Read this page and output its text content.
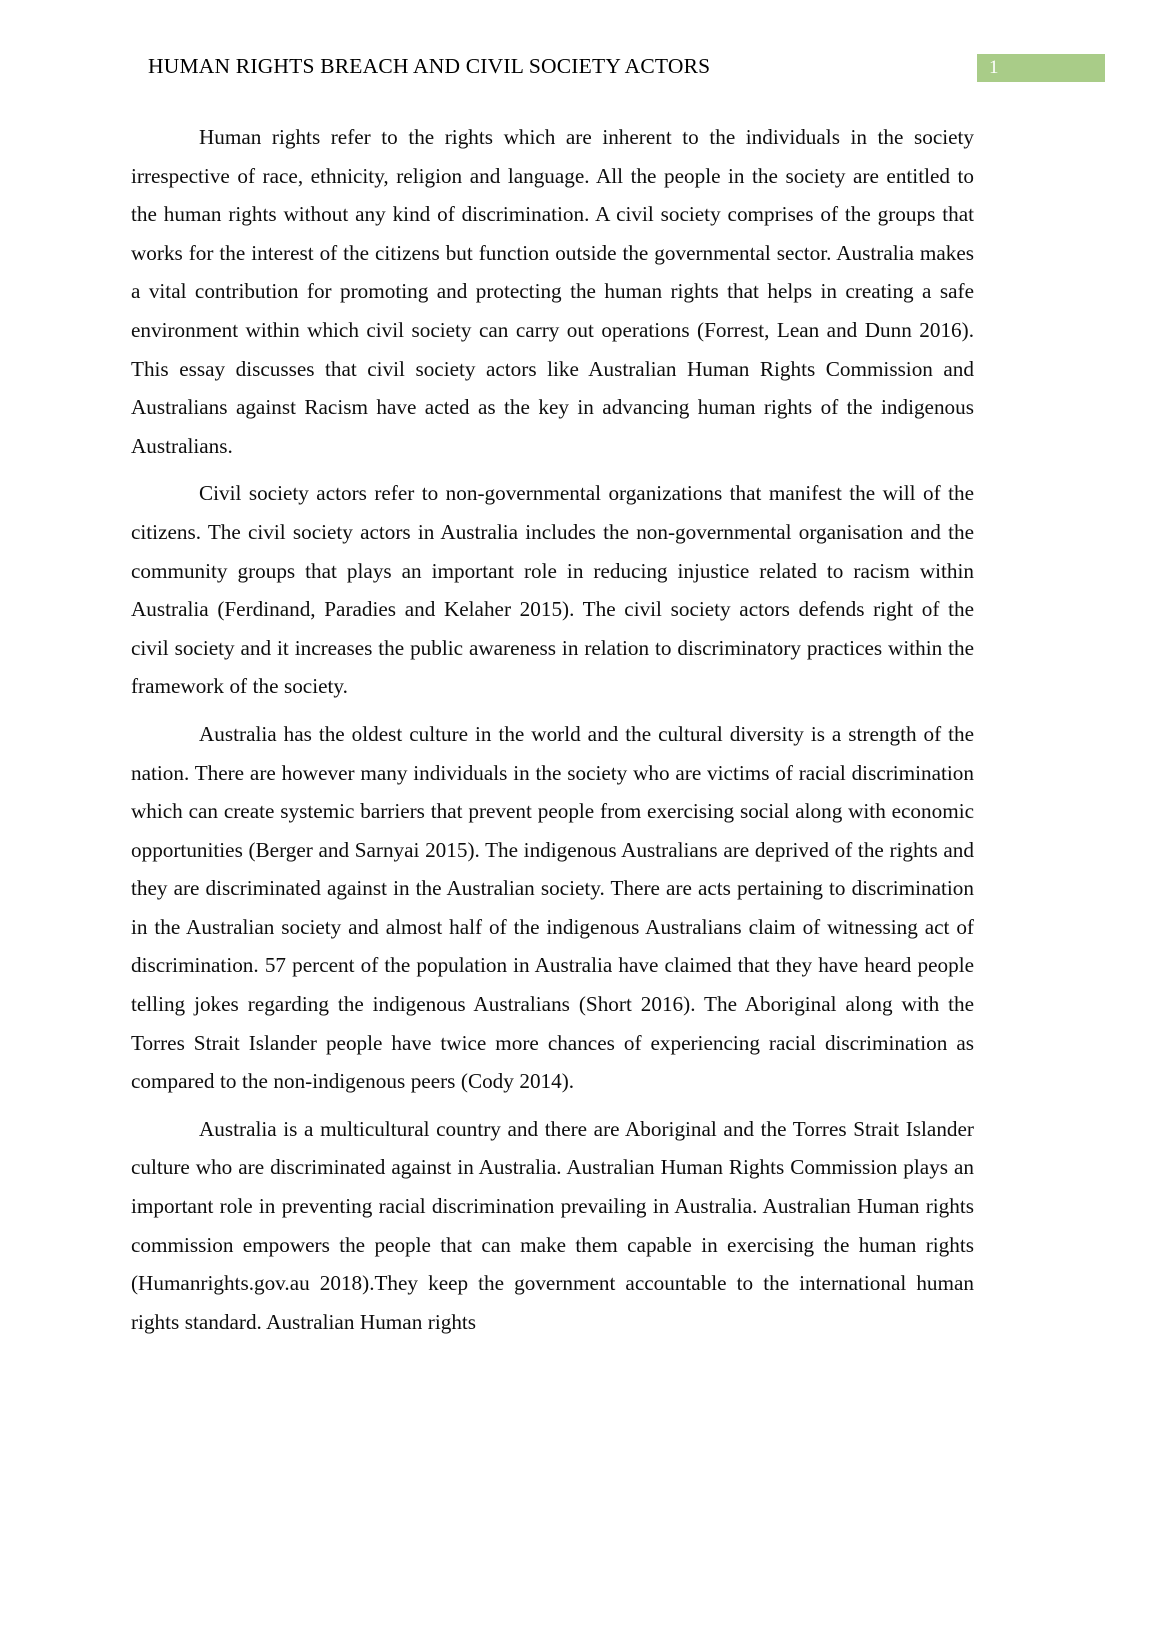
HUMAN RIGHTS BREACH AND CIVIL SOCIETY ACTORS	1

Human rights refer to the rights which are inherent to the individuals in the society irrespective of race, ethnicity, religion and language. All the people in the society are entitled to the human rights without any kind of discrimination. A civil society comprises of the groups that works for the interest of the citizens but function outside the governmental sector. Australia makes a vital contribution for promoting and protecting the human rights that helps in creating a safe environment within which civil society can carry out operations (Forrest, Lean and Dunn 2016). This essay discusses that civil society actors like Australian Human Rights Commission and Australians against Racism have acted as the key in advancing human rights of the indigenous Australians.

Civil society actors refer to non-governmental organizations that manifest the will of the citizens. The civil society actors in Australia includes the non-governmental organisation and the community groups that plays an important role in reducing injustice related to racism within Australia (Ferdinand, Paradies and Kelaher 2015). The civil society actors defends right of the civil society and it increases the public awareness in relation to discriminatory practices within the framework of the society.

Australia has the oldest culture in the world and the cultural diversity is a strength of the nation. There are however many individuals in the society who are victims of racial discrimination which can create systemic barriers that prevent people from exercising social along with economic opportunities (Berger and Sarnyai 2015). The indigenous Australians are deprived of the rights and they are discriminated against in the Australian society. There are acts pertaining to discrimination in the Australian society and almost half of the indigenous Australians claim of witnessing act of discrimination. 57 percent of the population in Australia have claimed that they have heard people telling jokes regarding the indigenous Australians (Short 2016). The Aboriginal along with the Torres Strait Islander people have twice more chances of experiencing racial discrimination as compared to the non-indigenous peers (Cody 2014).

Australia is a multicultural country and there are Aboriginal and the Torres Strait Islander culture who are discriminated against in Australia. Australian Human Rights Commission plays an important role in preventing racial discrimination prevailing in Australia. Australian Human rights commission empowers the people that can make them capable in exercising the human rights (Humanrights.gov.au 2018).They keep the government accountable to the international human rights standard. Australian Human rights
